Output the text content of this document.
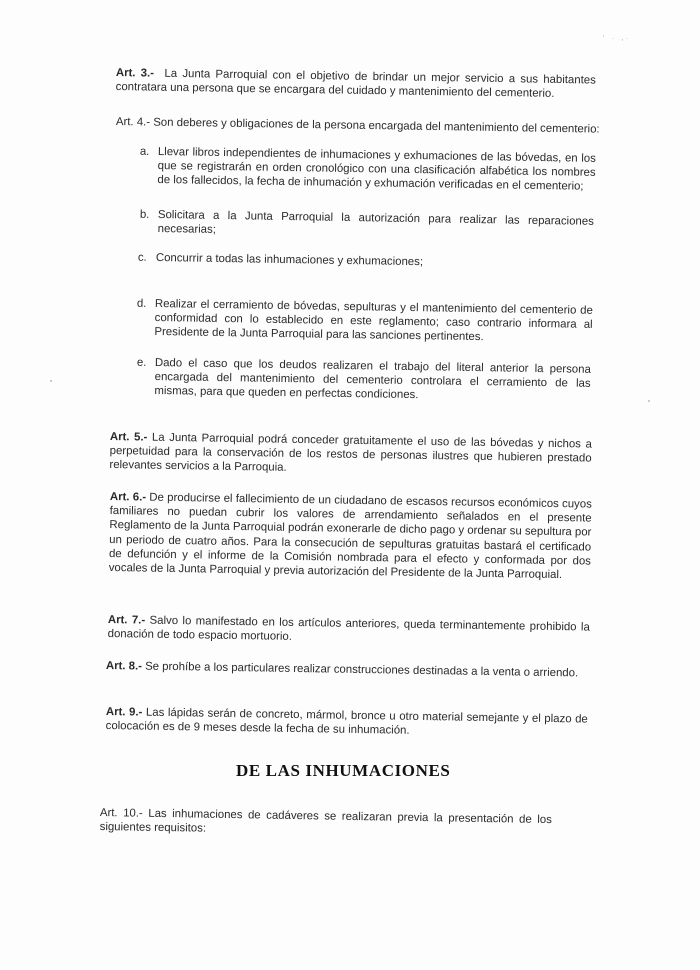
' · ,·

Art. 3.- La Junta Parroquial con el objetivo de brindar un mejor servicio a sus habitantes contratara una persona que se encargara del cuidado y mantenimiento del cementerio.

Art. 4.- Son deberes y obligaciones de la persona encargada del mantenimiento del cementerio:

a. Llevar libros independientes de inhumaciones y exhumaciones de las bóvedas, en los que se registrarán en orden cronológico con una clasificación alfabética los nombres de los fallecidos, la fecha de inhumación y exhumación verificadas en el cementerio;
b. Solicitara a la Junta Parroquial la autorización para realizar las reparaciones necesarias;
c. Concurrir a todas las inhumaciones y exhumaciones;
d. Realizar el cerramiento de bóvedas, sepulturas y el mantenimiento del cementerio de conformidad con lo establecido en este reglamento; caso contrario informara al Presidente de la Junta Parroquial para las sanciones pertinentes.
e. Dado el caso que los deudos realizaren el trabajo del literal anterior la persona encargada del mantenimiento del cementerio controlara el cerramiento de las mismas, para que queden en perfectas condiciones.

Art. 5.- La Junta Parroquial podrá conceder gratuitamente el uso de las bóvedas y nichos a perpetuidad para la conservación de los restos de personas ilustres que hubieren prestado relevantes servicios a la Parroquia.

Art. 6.- De producirse el fallecimiento de un ciudadano de escasos recursos económicos cuyos familiares no puedan cubrir los valores de arrendamiento señalados en el presente Reglamento de la Junta Parroquial podrán exonerarle de dicho pago y ordenar su sepultura por un periodo de cuatro años. Para la consecución de sepulturas gratuitas bastará el certificado de defunción y el informe de la Comisión nombrada para el efecto y conformada por dos vocales de la Junta Parroquial y previa autorización del Presidente de la Junta Parroquial.

Art. 7.- Salvo lo manifestado en los artículos anteriores, queda terminantemente prohibido la donación de todo espacio mortuorio.

Art. 8.- Se prohíbe a los particulares realizar construcciones destinadas a la venta o arriendo.

Art. 9.- Las lápidas serán de concreto, mármol, bronce u otro material semejante y el plazo de colocación es de 9 meses desde la fecha de su inhumación.

DE LAS INHUMACIONES

Art. 10.- Las inhumaciones de cadáveres se realizaran previa la presentación de los siguientes requisitos:
